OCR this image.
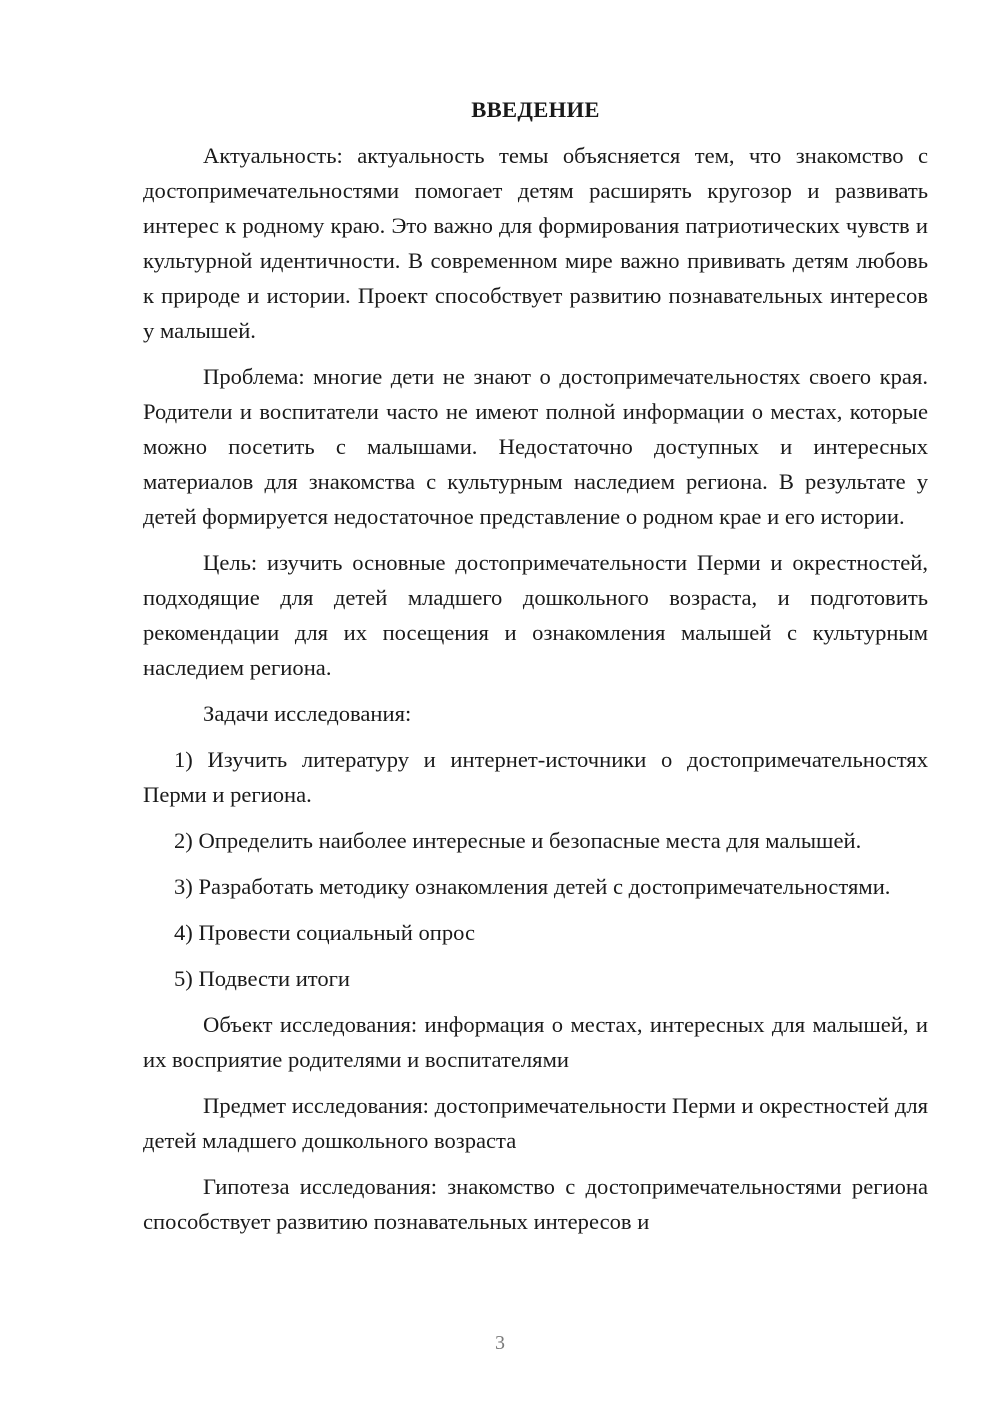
ВВЕДЕНИЕ

Актуальность: актуальность темы объясняется тем, что знакомство с достопримечательностями помогает детям расширять кругозор и развивать интерес к родному краю. Это важно для формирования патриотических чувств и культурной идентичности. В современном мире важно прививать детям любовь к природе и истории. Проект способствует развитию познавательных интересов у малышей.

Проблема: многие дети не знают о достопримечательностях своего края. Родители и воспитатели часто не имеют полной информации о местах, которые можно посетить с малышами. Недостаточно доступных и интересных материалов для знакомства с культурным наследием региона. В результате у детей формируется недостаточное представление о родном крае и его истории.

Цель: изучить основные достопримечательности Перми и окрестностей, подходящие для детей младшего дошкольного возраста, и подготовить рекомендации для их посещения и ознакомления малышей с культурным наследием региона.

Задачи исследования:

1) Изучить литературу и интернет-источники о достопримечательностях Перми и региона.

2) Определить наиболее интересные и безопасные места для малышей.

3) Разработать методику ознакомления детей с достопримечательностями.

4) Провести социальный опрос

5) Подвести итоги

Объект исследования: информация о местах, интересных для малышей, и их восприятие родителями и воспитателями

Предмет исследования: достопримечательности Перми и окрестностей для детей младшего дошкольного возраста

Гипотеза исследования: знакомство с достопримечательностями региона способствует развитию познавательных интересов и

3
